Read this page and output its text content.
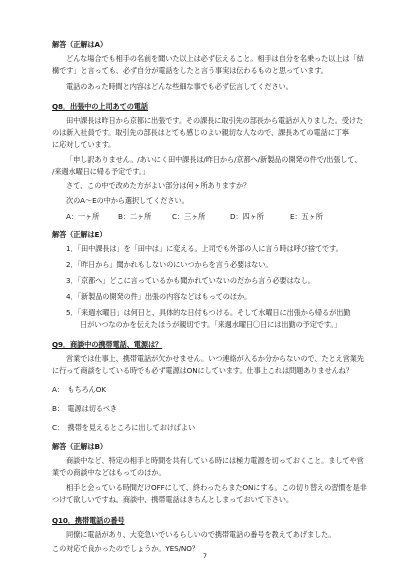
7
解答（正解はA）
どんな場合でも相手の名前を聞いた以上は必ず伝えること。相手は自分を名乗った以上は「結
構です」と言っても、必ず自分が電話をしたと言う事実は伝わるものと思っています。
電話のあった時間と内容はどんな些細な事でも必ず伝言してください。
Q8．出張中の上司あての電話
田中課長は昨日から京都に出張です。その課長に取引先の部長から電話が入りました。受けた
のは新入社員です。取引先の部長はとても感じのよい親切な人なので、課長あての電話に丁寧
に応対しています。
「申し訳ありません。/あいにく田中課長は/昨日から/京都へ/新製品の開発の件で/出張して、
/来週水曜日に帰る予定です。」
さて、この中で改めた方がよい部分は何ヶ所ありますか？
次のA～Eの中から選択してください。
A：一ヶ所	B：二ヶ所	C：三ヶ所	D：四ヶ所	E：五ヶ所
解答（正解はE）
1．「田中課長は」を「田中は」に変える。上司でも外部の人に言う時は呼び捨てです。
2．「昨日から」聞かれもしないのにいつからを言う必要はない。
3．「京都へ」どこに言っているかも聞かれていないのだから言う必要はなし。
4．「新製品の開発の件」出張の内容などはもってのほか。
5．「来週水曜日」は何日と、具体的な日付もつける。そして水曜日に出張から帰るが出勤
日がいつなのかを伝えたほうが親切です。「来週水曜日〇日には出勤の予定です。」
Q9．商談中の携帯電話、電源は？
営業では仕事上、携帯電話が欠かせません。いつ連絡が入るか分からないので、たとえ営業先
に行って商談をしている時でも必ず電源はONにしています。仕事上これは問題ありませんね？
A：　もちろんOK
B：　電源は切るべき
C：　携帯を見えるところに出しておけばよい
解答（正解はB）
商談中など、特定の相手と時間を共有している時には極力電源を切っておくこと。ましてや営
業での商談中などはもってのほか。
相手と会っている時間だけOFFにして、終わったらまたONにする。この切り替えの習慣を是非
つけて欲しいですね。商談中、携帯電話はきちんとしまっておいて下さい。
Q10．携帯電話の番号
同僚に電話があり、大変急いでいるらしいので携帯電話の番号を教えてあげました。
この対応で良かったのでしょうか。YES/NO？
